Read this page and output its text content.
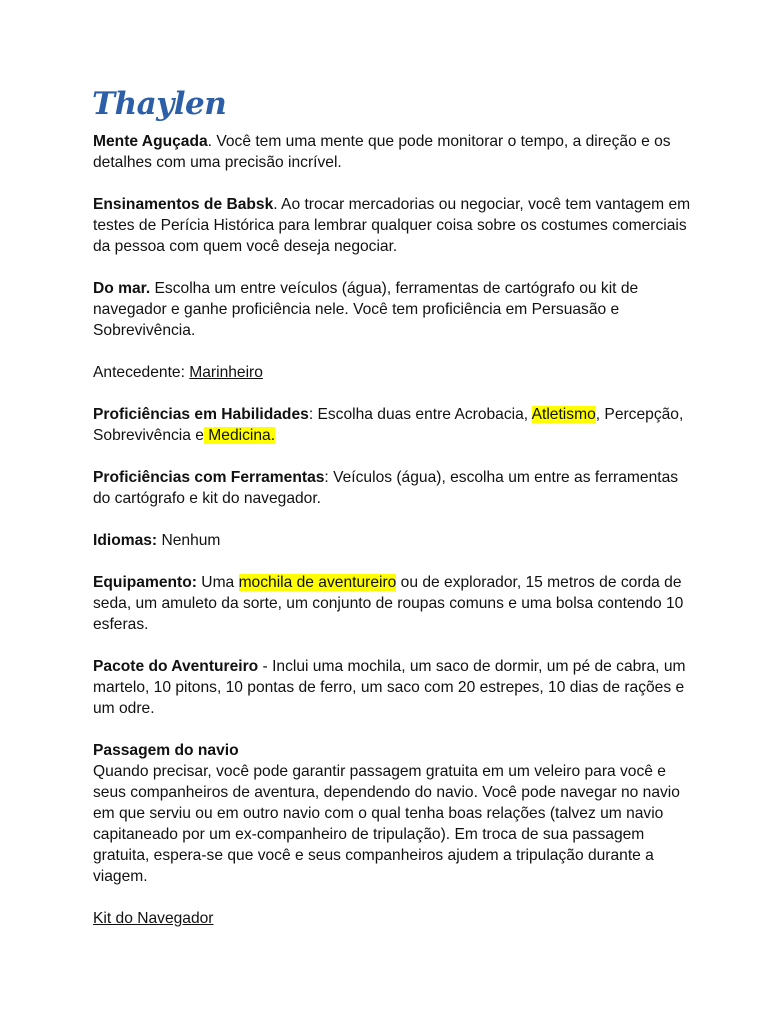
Thaylen

Mente Aguçada. Você tem uma mente que pode monitorar o tempo, a direção e os detalhes com uma precisão incrível.

Ensinamentos de Babsk. Ao trocar mercadorias ou negociar, você tem vantagem em testes de Perícia Histórica para lembrar qualquer coisa sobre os costumes comerciais da pessoa com quem você deseja negociar.

Do mar. Escolha um entre veículos (água), ferramentas de cartógrafo ou kit de navegador e ganhe proficiência nele. Você tem proficiência em Persuasão e Sobrevivência.

Antecedente: Marinheiro

Proficiências em Habilidades: Escolha duas entre Acrobacia, Atletismo, Percepção, Sobrevivência e Medicina.

Proficiências com Ferramentas: Veículos (água), escolha um entre as ferramentas do cartógrafo e kit do navegador.

Idiomas: Nenhum

Equipamento: Uma mochila de aventureiro ou de explorador, 15 metros de corda de seda, um amuleto da sorte, um conjunto de roupas comuns e uma bolsa contendo 10 esferas.

Pacote do Aventureiro - Inclui uma mochila, um saco de dormir, um pé de cabra, um martelo, 10 pitons, 10 pontas de ferro, um saco com 20 estrepes, 10 dias de rações e um odre.

Passagem do navio
Quando precisar, você pode garantir passagem gratuita em um veleiro para você e seus companheiros de aventura, dependendo do navio. Você pode navegar no navio em que serviu ou em outro navio com o qual tenha boas relações (talvez um navio capitaneado por um ex-companheiro de tripulação). Em troca de sua passagem gratuita, espera-se que você e seus companheiros ajudem a tripulação durante a viagem.

Kit do Navegador
